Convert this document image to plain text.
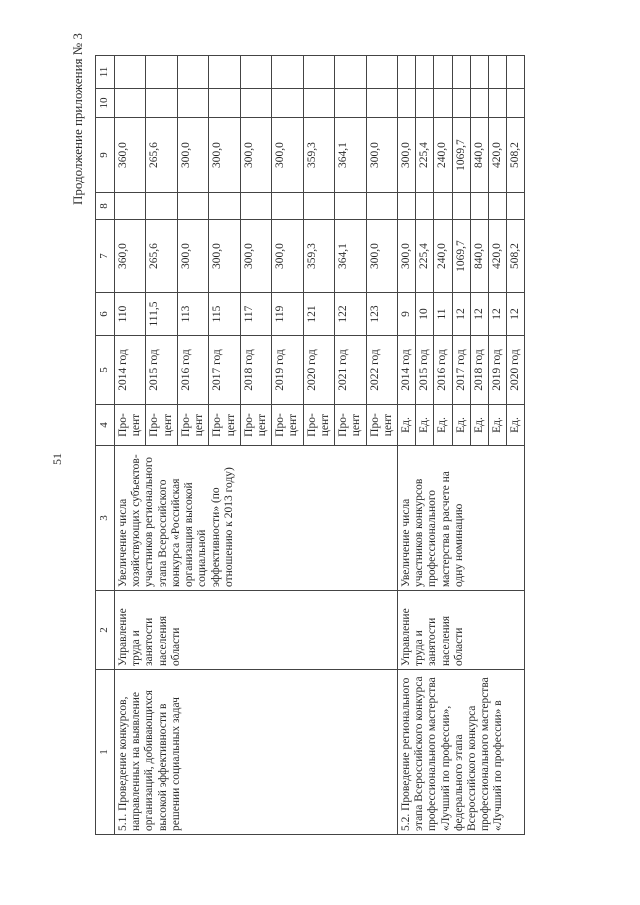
Продолжение приложения № 3
51
1	2	3	4	5	6	7	8	9	10	11
5.1. Проведение конкурсов, направленных на выявление организаций, добивающихся высокой эффективности в решении социальных задач	Управление труда и занятости населения области	Увеличение числа хозяйствующих субъектов-участников регионального этапа Всероссийского конкурса «Российская организация высокой социальной эффективности» (по отношению к 2013 году)	Про-цент	2014 год	110	360,0		360,0		
			Про-цент	2015 год	111,5	265,6		265,6		
			Про-цент	2016 год	113	300,0		300,0		
			Про-цент	2017 год	115	300,0		300,0		
			Про-цент	2018 год	117	300,0		300,0		
			Про-цент	2019 год	119	300,0		300,0		
			Про-цент	2020 год	121	359,3		359,3		
			Про-цент	2021 год	122	364,1		364,1		
			Про-цент	2022 год	123	300,0		300,0		
5.2. Проведение регионального этапа Всероссийского конкурса профессионального мастерства «Лучший по профессии», федерального этапа Всероссийского конкурса профессионального мастерства «Лучший по профессии» в	Управление труда и занятости населения области	Увеличение числа участников конкурсов профессионального мастерства в расчете на одну номинацию	Ед.	2014 год	9	300,0		300,0		
			Ед.	2015 год	10	225,4		225,4		
			Ед.	2016 год	11	240,0		240,0		
			Ед.	2017 год	12	1069,7		1069,7		
			Ед.	2018 год	12	840,0		840,0		
			Ед.	2019 год	12	420,0		420,0		
			Ед.	2020 год	12	508,2		508,2		
